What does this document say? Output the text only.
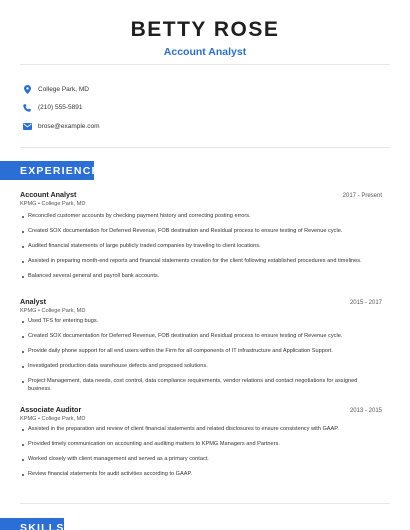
BETTY ROSE
Account Analyst
College Park, MD
(210) 555-5891
brose@example.com
EXPERIENCE
Account Analyst	2017 - Present
KPMG • College Park, MD
Reconciled customer accounts by checking payment history and correcting posting errors.
Created SOX documentation for Deferred Revenue, FOB destination and Residual process to ensure testing of Revenue cycle.
Audited financial statements of large publicly traded companies by traveling to client locations.
Assisted in preparing month-end reports and financial statements creation for the client following established procedures and timelines.
Balanced several general and payroll bank accounts.
Analyst	2015 - 2017
KPMG • College Park, MD
Used TFS for entering bugs.
Created SOX documentation for Deferred Revenue, FOB destination and Residual process to ensure testing of Revenue cycle.
Provide daily phone support for all end users within the Firm for all components of IT infrastructure and Application Support.
Investigated production data warehouse defects and proposed solutions.
Project Management, data needs, cost control, data compliance requirements, vendor relations and contact negotiations for assigned business.
Associate Auditor	2013 - 2015
KPMG • College Park, MD
Assisted in the preparation and review of client financial statements and related disclosures to ensure consistency with GAAP.
Provided timely communication on accounting and auditing matters to KPMG Managers and Partners.
Worked closely with client management and served as a primary contact.
Review financial statements for audit activities according to GAAP.
SKILLS
